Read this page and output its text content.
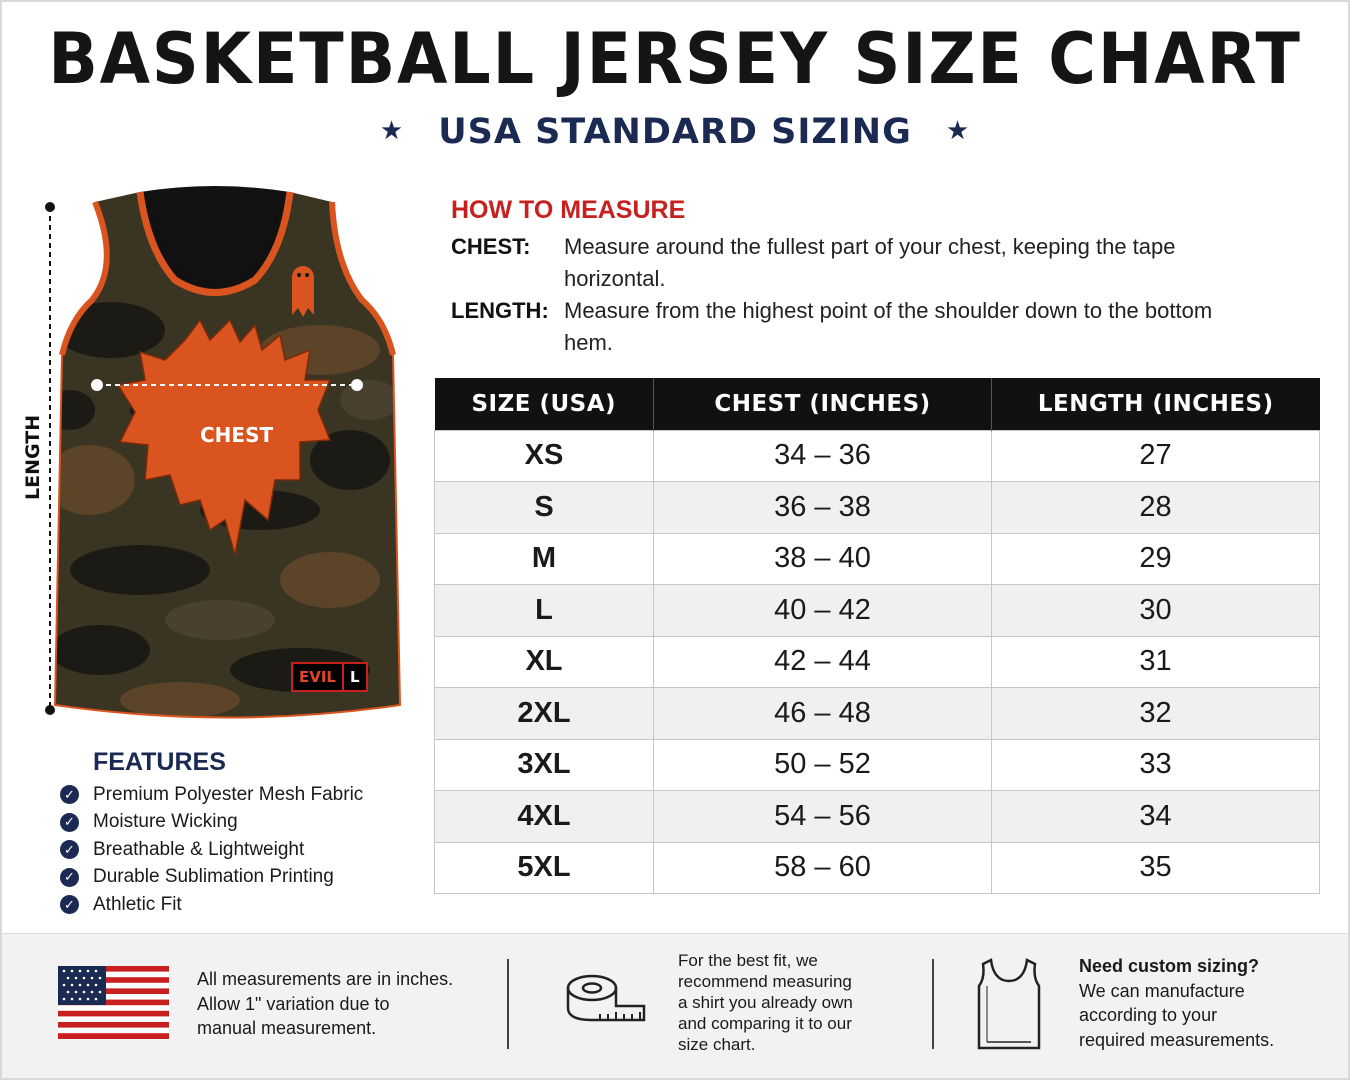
BASKETBALL JERSEY SIZE CHART
★ USA STANDARD SIZING ★
LENGTH	CHEST
EVIL L
HOW TO MEASURE
CHEST:	Measure around the fullest part of your chest, keeping the tape horizontal.
LENGTH: Measure from the highest point of the shoulder down to the bottom hem.
SIZE (USA)	CHEST (INCHES)	LENGTH (INCHES)
XS	34 – 36	27
S	36 – 38	28
M	38 – 40	29
L	40 – 42	30
XL	42 – 44	31
2XL	46 – 48	32
3XL	50 – 52	33
4XL	54 – 56	34
5XL	58 – 60	35
FEATURES
✓ Premium Polyester Mesh Fabric
✓ Moisture Wicking
✓ Breathable & Lightweight
✓ Durable Sublimation Printing
✓ Athletic Fit
All measurements are in inches.
Allow 1" variation due to
manual measurement.
For the best fit, we
recommend measuring
a shirt you already own
and comparing it to our
size chart.
Need custom sizing?
We can manufacture
according to your
required measurements.
